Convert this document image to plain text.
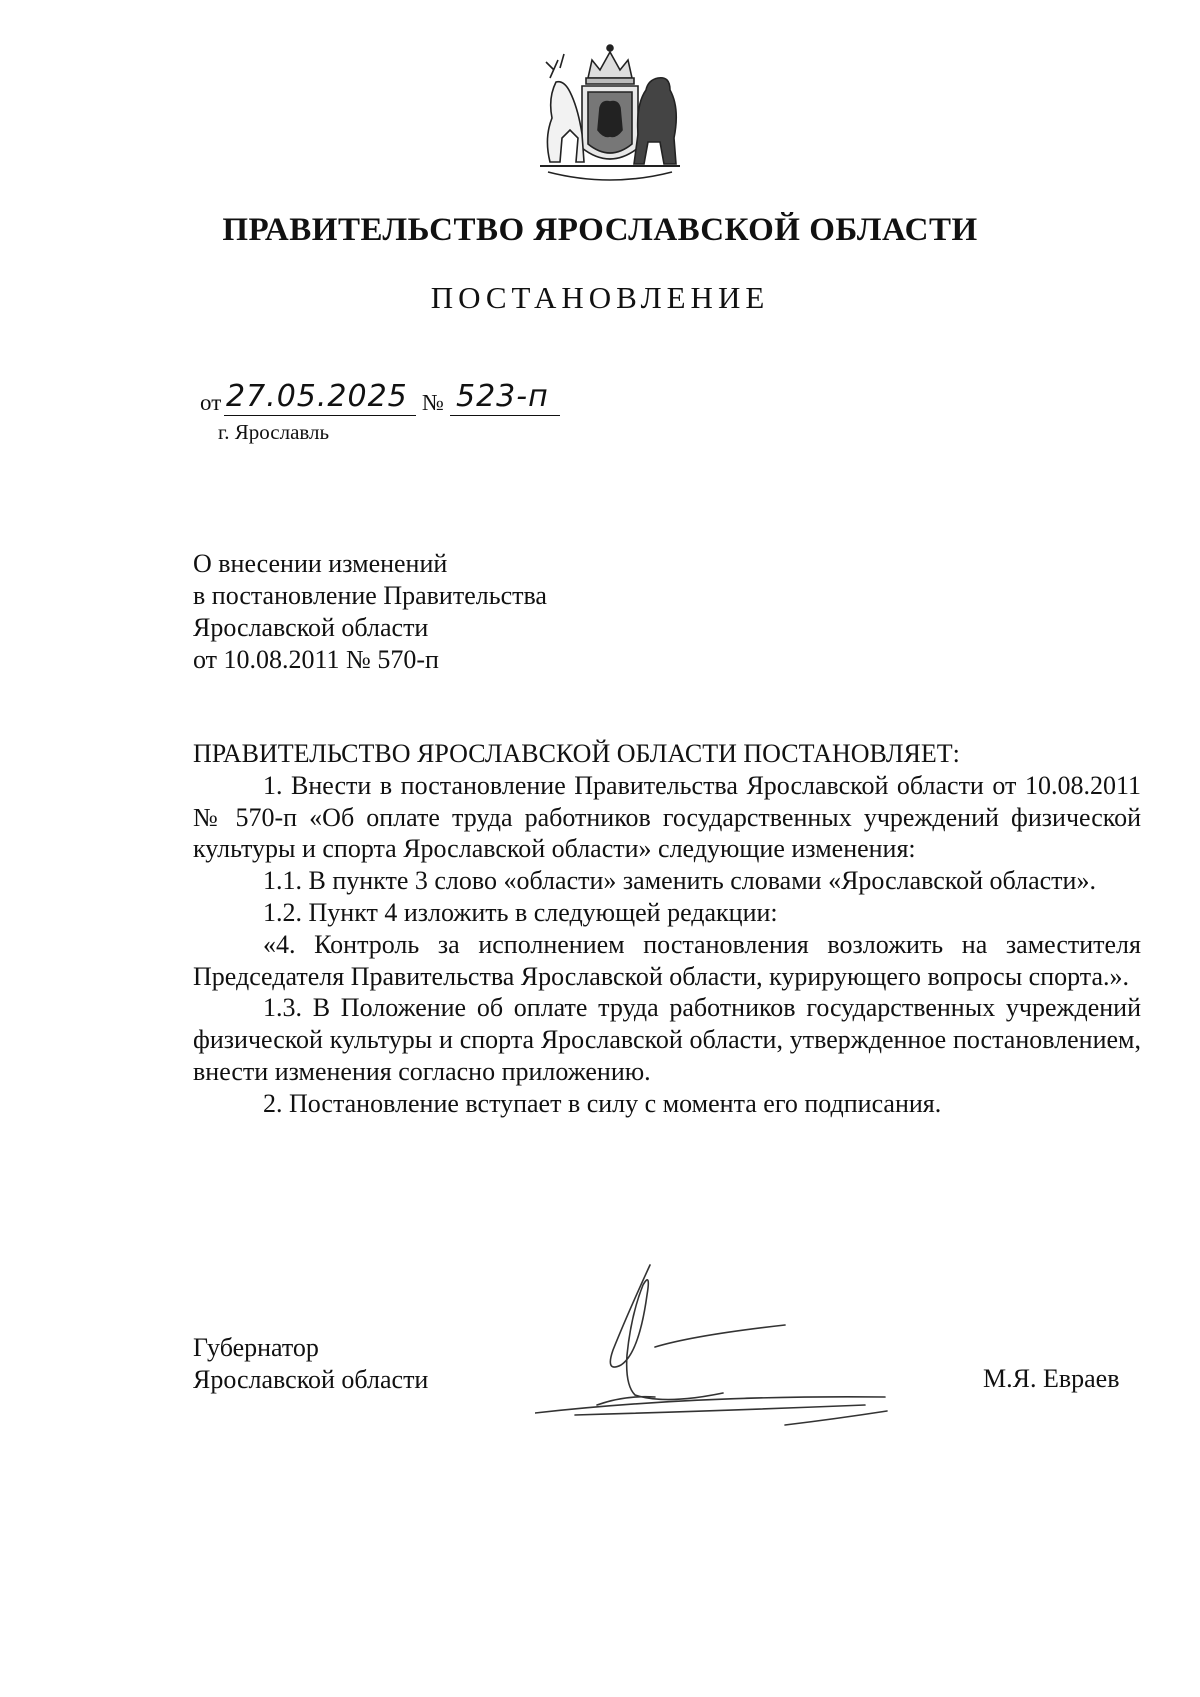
ПРАВИТЕЛЬСТВО ЯРОСЛАВСКОЙ ОБЛАСТИ
ПОСТАНОВЛЕНИЕ
от 27.05.2025 № 523-п
г. Ярославль
О внесении изменений
в постановление Правительства
Ярославской области
от 10.08.2011 № 570-п

ПРАВИТЕЛЬСТВО ЯРОСЛАВСКОЙ ОБЛАСТИ ПОСТАНОВЛЯЕТ:

1. Внести в постановление Правительства Ярославской области от 10.08.2011 № 570-п «Об оплате труда работников государственных учреждений физической культуры и спорта Ярославской области» следующие изменения:

1.1. В пункте 3 слово «области» заменить словами «Ярославской области».

1.2. Пункт 4 изложить в следующей редакции:

«4. Контроль за исполнением постановления возложить на заместителя Председателя Правительства Ярославской области, курирующего вопросы спорта.».

1.3. В Положение об оплате труда работников государственных учреждений физической культуры и спорта Ярославской области, утвержденное постановлением, внести изменения согласно приложению.

2. Постановление вступает в силу с момента его подписания.

Губернатор
Ярославской области	М.Я. Евраев
